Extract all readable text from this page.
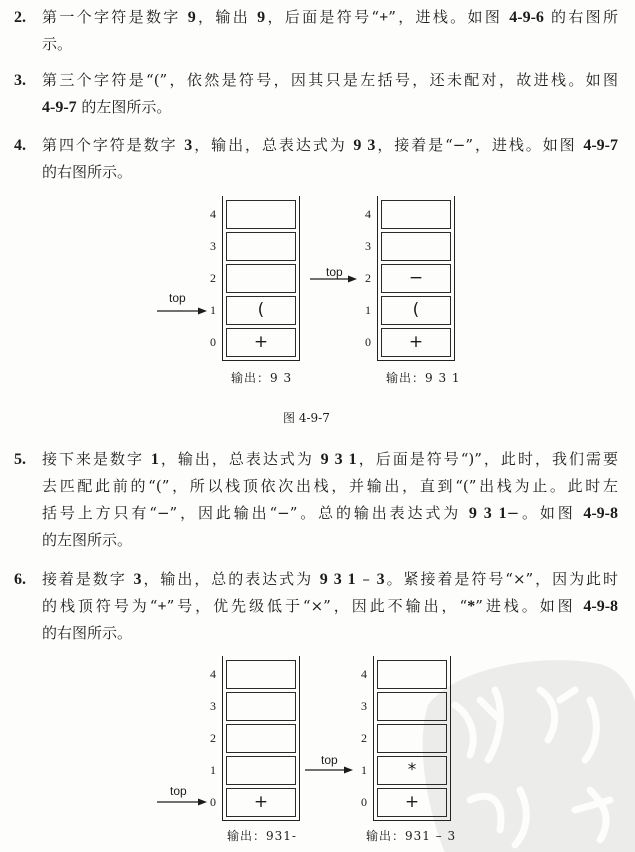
2. 第一个字符是数字 9，输出 9，后面是符号“+”，进栈。如图 4-9-6 的右图所
示。
3. 第三个字符是“(”，依然是符号，因其只是左括号，还未配对，故进栈。如图
4-9-7 的左图所示。
4. 第四个字符是数字 3，输出，总表达式为 9 3，接着是“−”，进栈。如图 4-9-7
的右图所示。
4
3
2
1 (
0 +
4
3
2 −
1 (
0 +
top
top
输出：9 3	输出：9 3 1
图 4-9-7
5. 接下来是数字 1，输出，总表达式为 9 3 1，后面是符号“)”，此时，我们需要
去匹配此前的“(”，所以栈顶依次出栈，并输出，直到“(”出栈为止。此时左
括号上方只有“−”，因此输出“−”。总的输出表达式为 9 3 1−。如图 4-9-8
的左图所示。
6. 接着是数字 3，输出，总的表达式为 9 3 1 – 3。紧接着是符号“×”，因为此时
的栈顶符号为“+”号，优先级低于“×”，因此不输出，“*”进栈。如图 4-9-8
的右图所示。
4
3
2
1
0 +
4
3
2
1 *
0 +
top
top
输出：931-	输出：931 – 3
